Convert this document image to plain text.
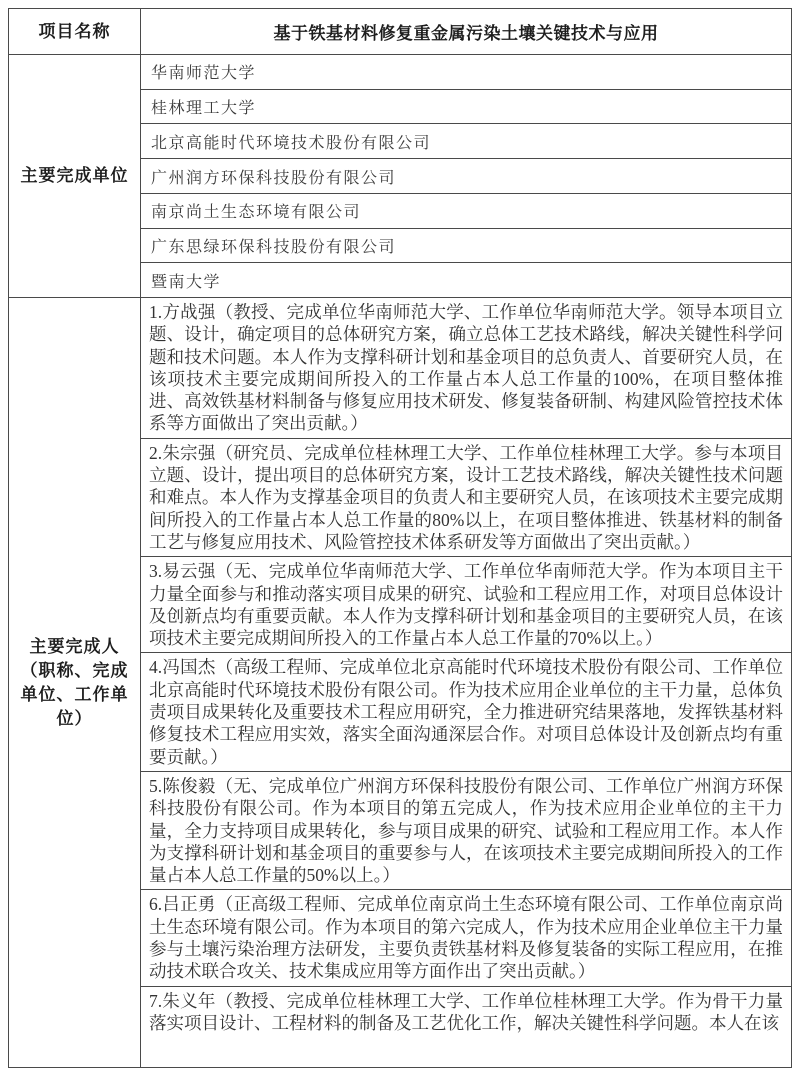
项目名称	基于铁基材料修复重金属污染土壤关键技术与应用
主要完成单位
华南师范大学
桂林理工大学
北京高能时代环境技术股份有限公司
广州润方环保科技股份有限公司
南京尚土生态环境有限公司
广东思绿环保科技股份有限公司
暨南大学
主要完成人
（职称、完成单位、工作单位）
1.方战强（教授、完成单位华南师范大学、工作单位华南师范大学。领导本项目立题、设计，确定项目的总体研究方案，确立总体工艺技术路线，解决关键性科学问题和技术问题。本人作为支撑科研计划和基金项目的总负责人、首要研究人员，在该项技术主要完成期间所投入的工作量占本人总工作量的100%，在项目整体推进、高效铁基材料制备与修复应用技术研发、修复装备研制、构建风险管控技术体系等方面做出了突出贡献。）
2.朱宗强（研究员、完成单位桂林理工大学、工作单位桂林理工大学。参与本项目立题、设计，提出项目的总体研究方案，设计工艺技术路线，解决关键性技术问题和难点。本人作为支撑基金项目的负责人和主要研究人员，在该项技术主要完成期间所投入的工作量占本人总工作量的80%以上，在项目整体推进、铁基材料的制备工艺与修复应用技术、风险管控技术体系研发等方面做出了突出贡献。）
3.易云强（无、完成单位华南师范大学、工作单位华南师范大学。作为本项目主干力量全面参与和推动落实项目成果的研究、试验和工程应用工作，对项目总体设计及创新点均有重要贡献。本人作为支撑科研计划和基金项目的主要研究人员，在该项技术主要完成期间所投入的工作量占本人总工作量的70%以上。）
4.冯国杰（高级工程师、完成单位北京高能时代环境技术股份有限公司、工作单位北京高能时代环境技术股份有限公司。作为技术应用企业单位的主干力量，总体负责项目成果转化及重要技术工程应用研究，全力推进研究结果落地，发挥铁基材料修复技术工程应用实效，落实全面沟通深层合作。对项目总体设计及创新点均有重要贡献。）
5.陈俊毅（无、完成单位广州润方环保科技股份有限公司、工作单位广州润方环保科技股份有限公司。作为本项目的第五完成人，作为技术应用企业单位的主干力量，全力支持项目成果转化，参与项目成果的研究、试验和工程应用工作。本人作为支撑科研计划和基金项目的重要参与人，在该项技术主要完成期间所投入的工作量占本人总工作量的50%以上。）
6.吕正勇（正高级工程师、完成单位南京尚土生态环境有限公司、工作单位南京尚土生态环境有限公司。作为本项目的第六完成人，作为技术应用企业单位主干力量参与土壤污染治理方法研发，主要负责铁基材料及修复装备的实际工程应用，在推动技术联合攻关、技术集成应用等方面作出了突出贡献。）
7.朱义年（教授、完成单位桂林理工大学、工作单位桂林理工大学。作为骨干力量落实项目设计、工程材料的制备及工艺优化工作，解决关键性科学问题。本人在该
